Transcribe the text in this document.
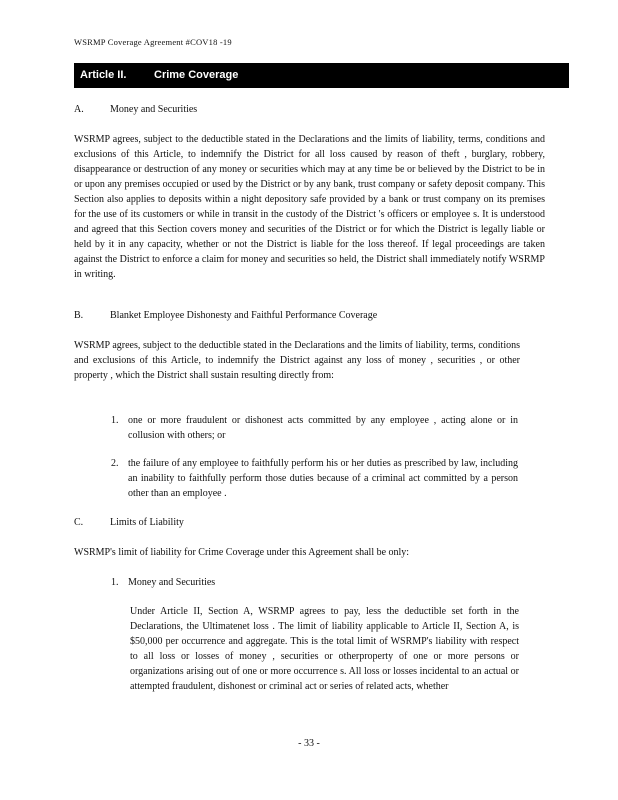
WSRMP Coverage Agreement #COV18 -19
Article II.	Crime Coverage
A.	Money and Securities
WSRMP agrees, subject to the deductible stated in the Declarations and the limits of liability, terms, conditions and exclusions of this Article, to indemnify the District for all loss caused by reason of theft , burglary, robbery, disappearance or destruction of any money or securities which may at any time be or believed by the District to be in or upon any premises occupied or used by the District or by any bank, trust company or safety deposit company. This Section also applies to deposits within a night depository safe provided by a bank or trust company on its premises for the use of its customers or while in transit in the custody of the District 's officers or employee s. It is understood and agreed that this Section covers money and securities of the District or for which the District is legally liable or held by it in any capacity, whether or not the District is liable for the loss thereof. If legal proceedings are taken against the District to enforce a claim for money and securities so held, the District shall immediately notify WSRMP in writing.
B.	Blanket Employee Dishonesty and Faithful Performance Coverage
WSRMP agrees, subject to the deductible stated in the Declarations and the limits of liability, terms, conditions and exclusions of this Article, to indemnify the District against any loss of money , securities , or other property , which the District shall sustain resulting directly from:
1. one or more fraudulent or dishonest acts committed by any employee , acting alone or in collusion with others; or
2. the failure of any employee to faithfully perform his or her duties as prescribed by law, including an inability to faithfully perform those duties because of a criminal act committed by a person other than an employee .
C.	Limits of Liability
WSRMP's limit of liability for Crime Coverage under this Agreement shall be only:
1. Money and Securities
Under Article II, Section A, WSRMP agrees to pay, less the deductible set forth in the Declarations, the Ultimatenet loss . The limit of liability applicable to Article II, Section A, is $50,000 per occurrence and aggregate. This is the total limit of WSRMP's liability with respect to all loss or losses of money , securities or otherproperty of one or more persons or organizations arising out of one or more occurrence s. All loss or losses incidental to an actual or attempted fraudulent, dishonest or criminal act or series of related acts, whether
- 33 -
